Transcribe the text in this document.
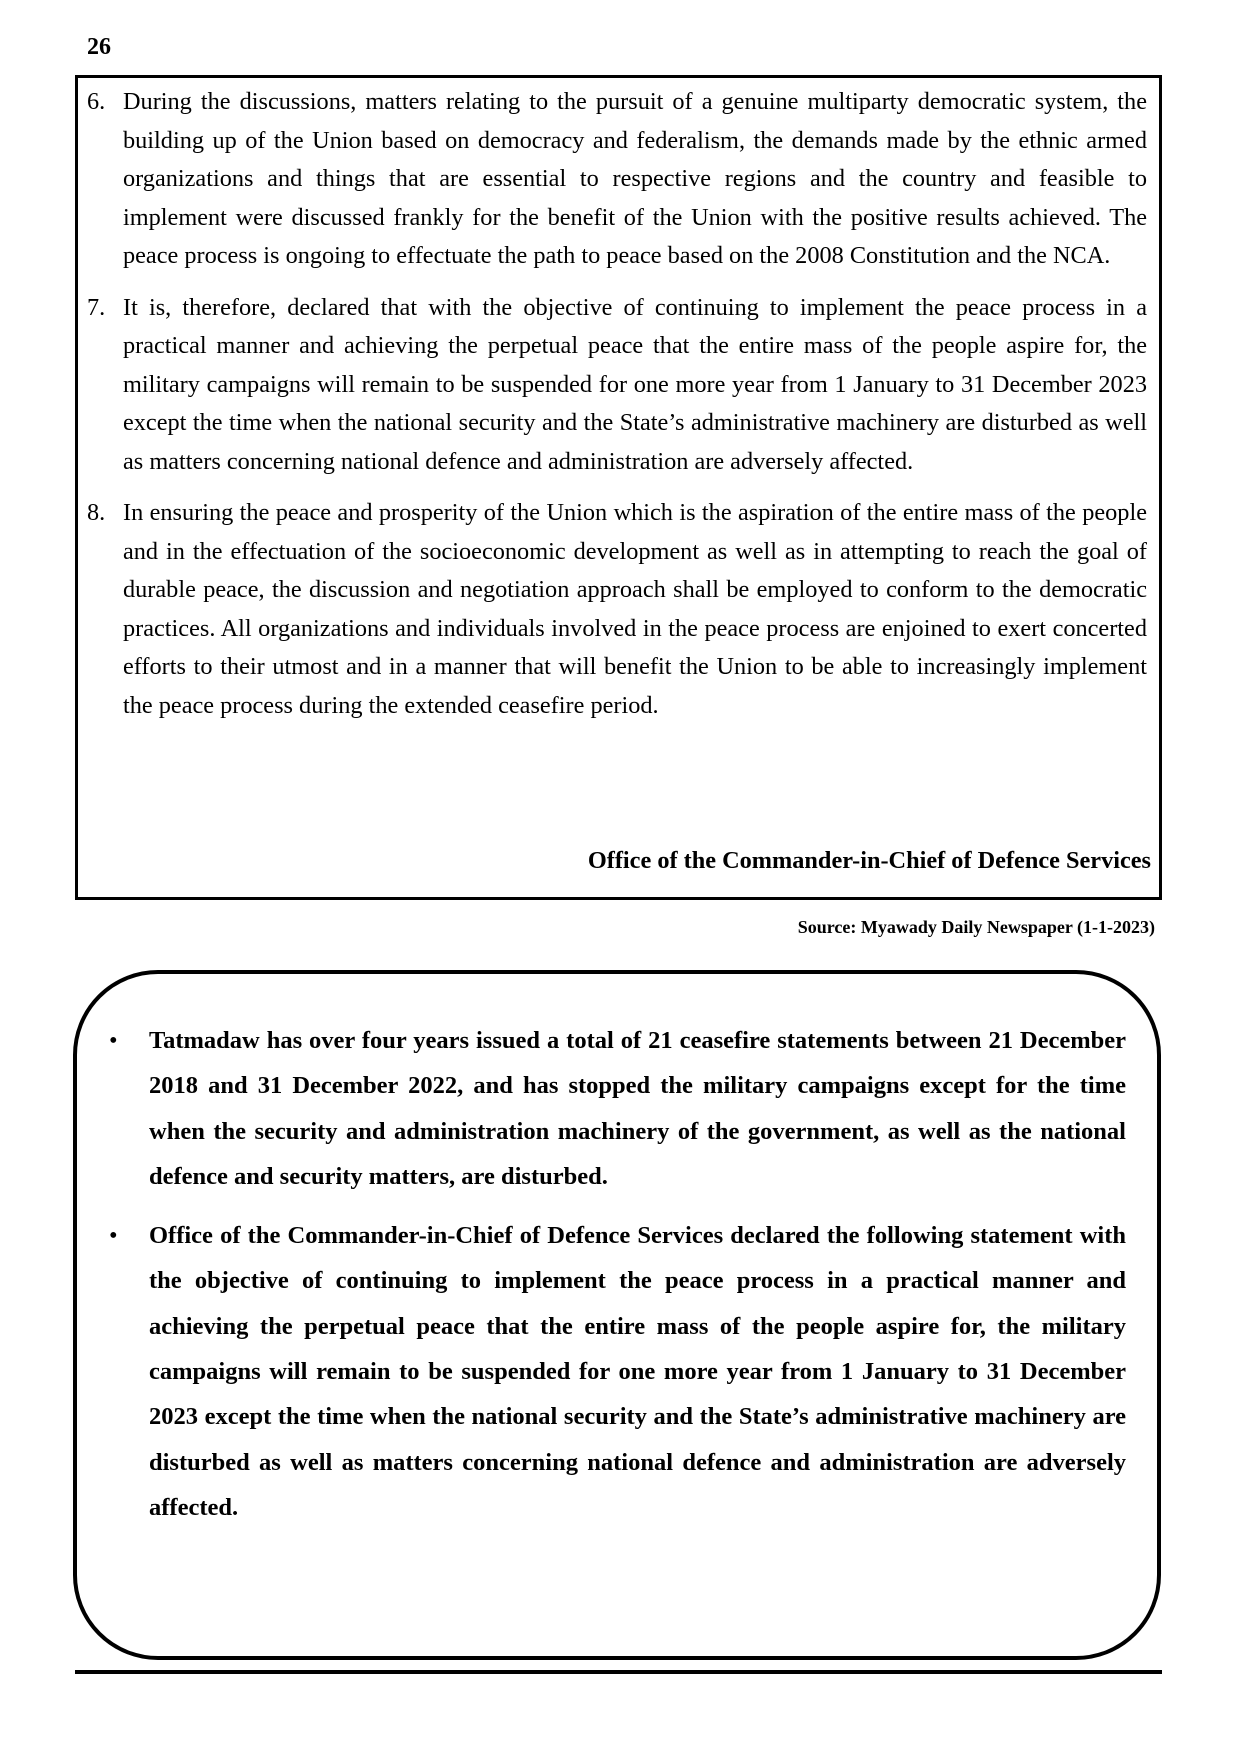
26
6. During the discussions, matters relating to the pursuit of a genuine multiparty democratic system, the building up of the Union based on democracy and federalism, the demands made by the ethnic armed organizations and things that are essential to respective regions and the country and feasible to implement were discussed frankly for the benefit of the Union with the positive results achieved. The peace process is ongoing to effectuate the path to peace based on the 2008 Constitution and the NCA.
7. It is, therefore, declared that with the objective of continuing to implement the peace process in a practical manner and achieving the perpetual peace that the entire mass of the people aspire for, the military campaigns will remain to be suspended for one more year from 1 January to 31 December 2023 except the time when the national security and the State’s administrative machinery are disturbed as well as matters concerning national defence and administration are adversely affected.
8. In ensuring the peace and prosperity of the Union which is the aspiration of the entire mass of the people and in the effectuation of the socioeconomic development as well as in attempting to reach the goal of durable peace, the discussion and negotiation approach shall be employed to conform to the democratic practices. All organizations and individuals involved in the peace process are enjoined to exert concerted efforts to their utmost and in a manner that will benefit the Union to be able to increasingly implement the peace process during the extended ceasefire period.

Office of the Commander-in-Chief of Defence Services

Source: Myawady Daily Newspaper (1-1-2023)

• Tatmadaw has over four years issued a total of 21 ceasefire statements between 21 December 2018 and 31 December 2022, and has stopped the military campaigns except for the time when the security and administration machinery of the government, as well as the national defence and security matters, are disturbed.
• Office of the Commander-in-Chief of Defence Services declared the following statement with the objective of continuing to implement the peace process in a practical manner and achieving the perpetual peace that the entire mass of the people aspire for, the military campaigns will remain to be suspended for one more year from 1 January to 31 December 2023 except the time when the national security and the State’s administrative machinery are disturbed as well as matters concerning national defence and administration are adversely affected.
